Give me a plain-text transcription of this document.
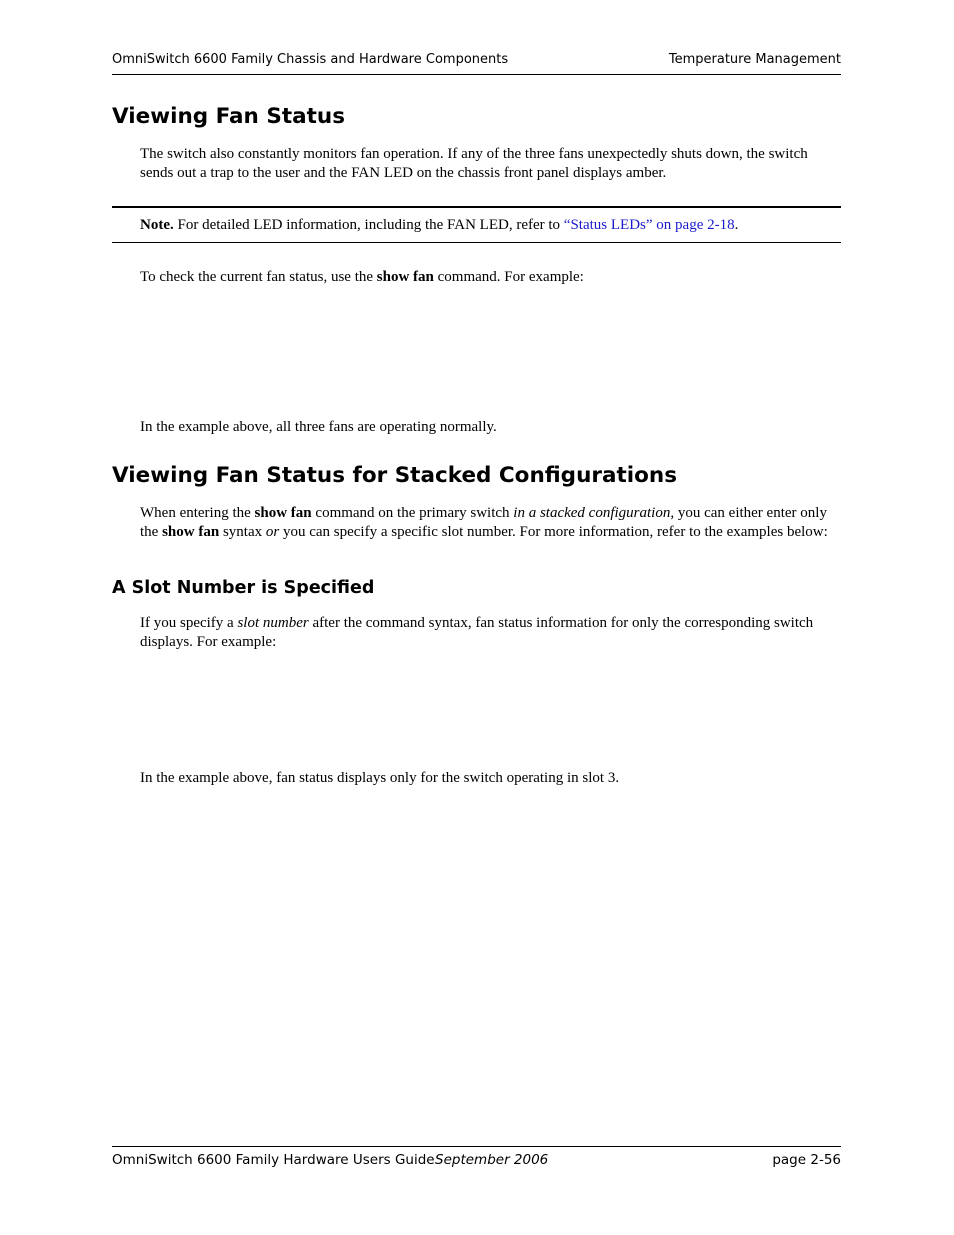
OmniSwitch 6600 Family Chassis and Hardware Components	Temperature Management
Viewing Fan Status
The switch also constantly monitors fan operation. If any of the three fans unexpectedly shuts down, the switch sends out a trap to the user and the FAN LED on the chassis front panel displays amber.
Note. For detailed LED information, including the FAN LED, refer to “Status LEDs” on page 2-18.
To check the current fan status, use the show fan command. For example:
In the example above, all three fans are operating normally.
Viewing Fan Status for Stacked Configurations
When entering the show fan command on the primary switch in a stacked configuration, you can either enter only the show fan syntax or you can specify a specific slot number. For more information, refer to the examples below:
A Slot Number is Specified
If you specify a slot number after the command syntax, fan status information for only the corresponding switch displays. For example:
In the example above, fan status displays only for the switch operating in slot 3.
OmniSwitch 6600 Family Hardware Users Guide September 2006	page 2-56
